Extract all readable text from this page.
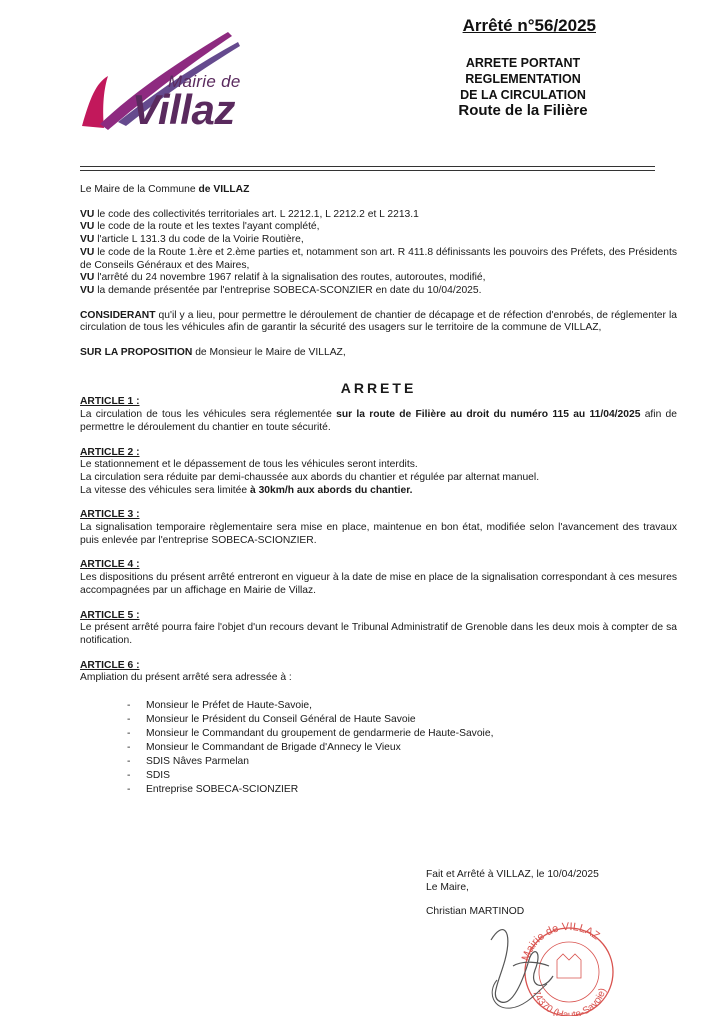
Mairie de
Villaz
Arrêté n°56/2025
ARRETE PORTANT
REGLEMENTATION
DE LA CIRCULATION
Route de la Filière

Le Maire de la Commune de VILLAZ

VU le code des collectivités territoriales art. L 2212.1, L 2212.2 et L 2213.1

VU le code de la route et les textes l'ayant complété,

VU l'article L 131.3 du code de la Voirie Routière,

VU le code de la Route 1.ère et 2.ème parties et, notamment son art. R 411.8 définissants les pouvoirs des Préfets, des Présidents de Conseils Généraux et des Maires,

VU l'arrêté du 24 novembre 1967 relatif à la signalisation des routes, autoroutes, modifié,

VU la demande présentée par l'entreprise SOBECA-SCONZIER en date du 10/04/2025.

CONSIDERANT qu'il y a lieu, pour permettre le déroulement de chantier de décapage et de réfection d'enrobés, de réglementer la circulation de tous les véhicules afin de garantir la sécurité des usagers sur le territoire de la commune de VILLAZ,

SUR LA PROPOSITION de Monsieur le Maire de VILLAZ,

ARRETE

ARTICLE 1 :

La circulation de tous les véhicules sera réglementée sur la route de Filière au droit du numéro 115 au 11/04/2025 afin de permettre le déroulement du chantier en toute sécurité.

ARTICLE 2 :

Le stationnement et le dépassement de tous les véhicules seront interdits.

La circulation sera réduite par demi-chaussée aux abords du chantier et régulée par alternat manuel.

La vitesse des véhicules sera limitée à 30km/h aux abords du chantier.

ARTICLE 3 :

La signalisation temporaire règlementaire sera mise en place, maintenue en bon état, modifiée selon l'avancement des travaux puis enlevée par l'entreprise SOBECA-SCIONZIER.

ARTICLE 4 :

Les dispositions du présent arrêté entreront en vigueur à la date de mise en place de la signalisation correspondant à ces mesures accompagnées par un affichage en Mairie de Villaz.

ARTICLE 5 :

Le présent arrêté pourra faire l'objet d'un recours devant le Tribunal Administratif de Grenoble dans les deux mois à compter de sa notification.

ARTICLE 6 :

Ampliation du présent arrêté sera adressée à :

- Monsieur le Préfet de Haute-Savoie,
- Monsieur le Président du Conseil Général de Haute Savoie
- Monsieur le Commandant du groupement de gendarmerie de Haute-Savoie,
- Monsieur le Commandant de Brigade d'Annecy le Vieux
- SDIS Nâves Parmelan
- SDIS
- Entreprise SOBECA-SCIONZIER
Fait et Arrêté à VILLAZ, le 10/04/2025
Le Maire,
Christian MARTINOD
Mairie de VILLAZ
74370 (Haute-Savoie)
